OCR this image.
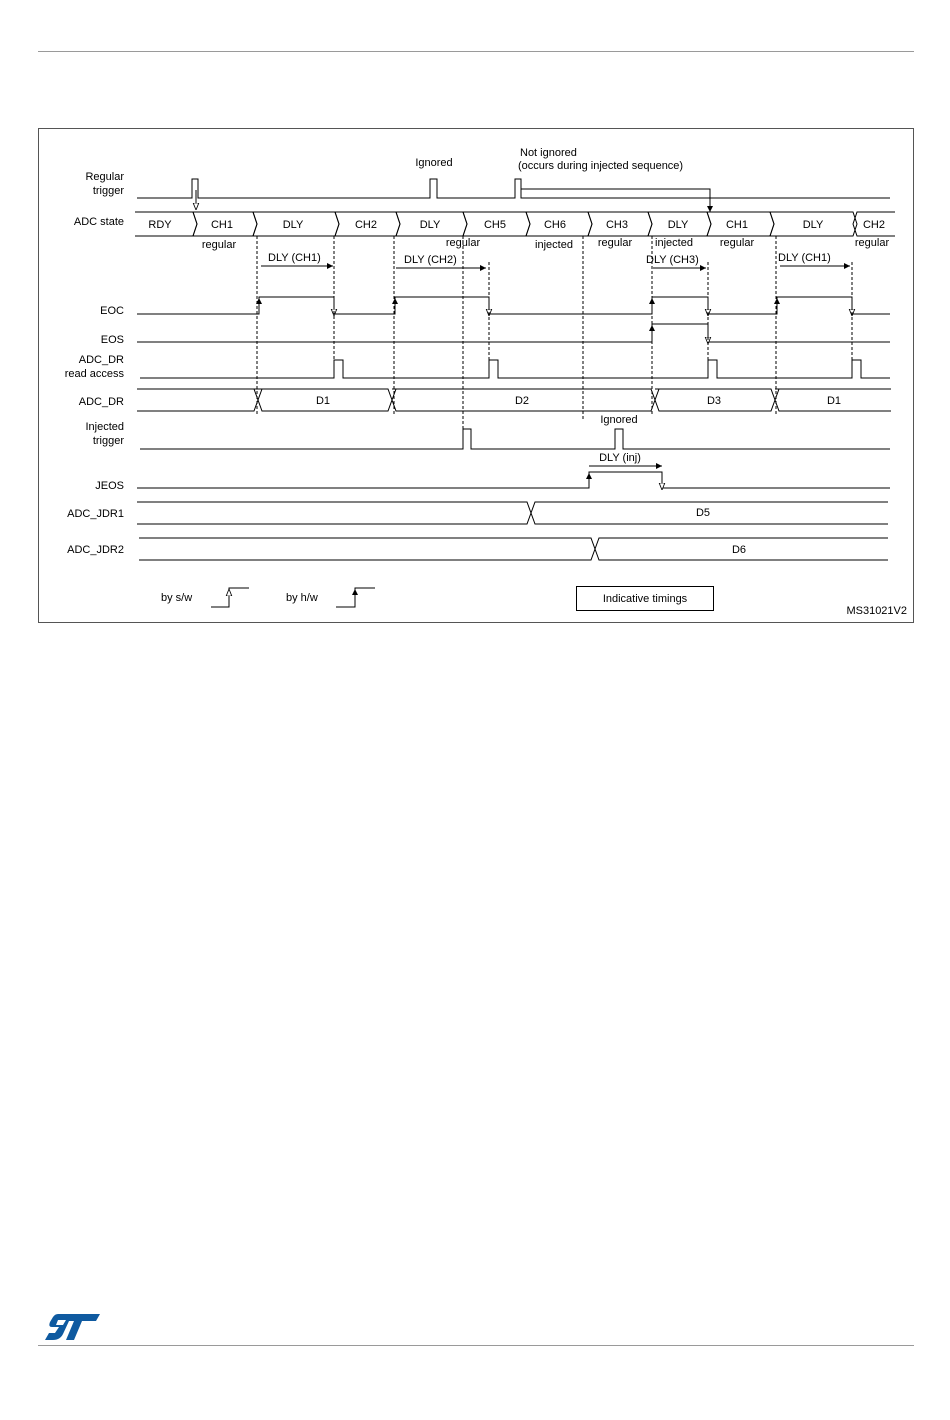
Regular
trigger
ADC state
EOC
EOS
ADC_DR
read access
ADC_DR
Injected
trigger
JEOS
ADC_JDR1
ADC_JDR2
Ignored
Not ignored
(occurs during injected sequence)
Ignored
DLY (inj)
RDY	CH1	DLY	CH2	DLY	CH5	CH6	CH3	DLY	CH1	DLY	CH2
regular	regular	injected regular injected regular	regular
D1	D2	D3	D1
D5
D6
Indicative timings
DLY (CH1)	DLY (CH2)	DLY (CH3)	DLY (CH1)
by s/w	by h/w
MS31021V2
